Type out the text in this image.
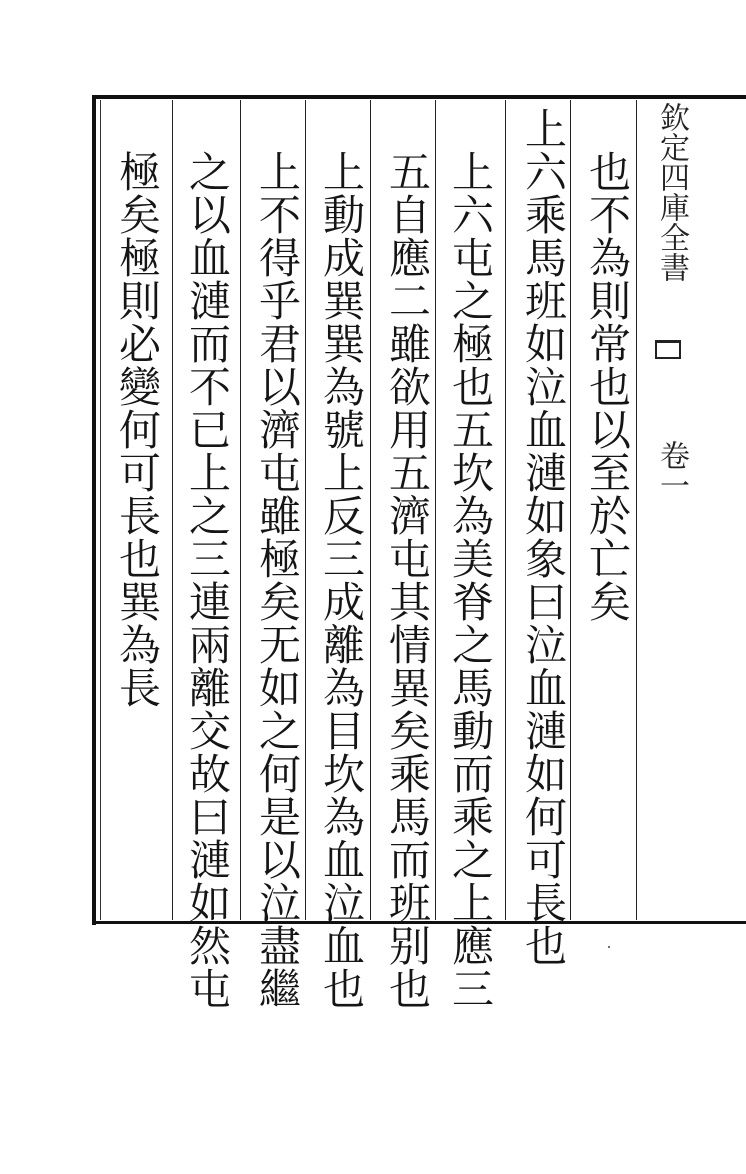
欽定四庫全書
卷一
也不為則常也以至於亡矣
上六乘馬班如泣血漣如象曰泣血漣如何可長也
上六屯之極也五坎為美脊之馬動而乘之上應三
五自應二雖欲用五濟屯其情異矣乘馬而班别也
上動成巽巽為號上反三成離為目坎為血泣血也
上不得乎君以濟屯雖極矣无如之何是以泣盡繼
之以血漣而不已上之三連兩離交故曰漣如然屯
極矣極則必變何可長也巽為長
